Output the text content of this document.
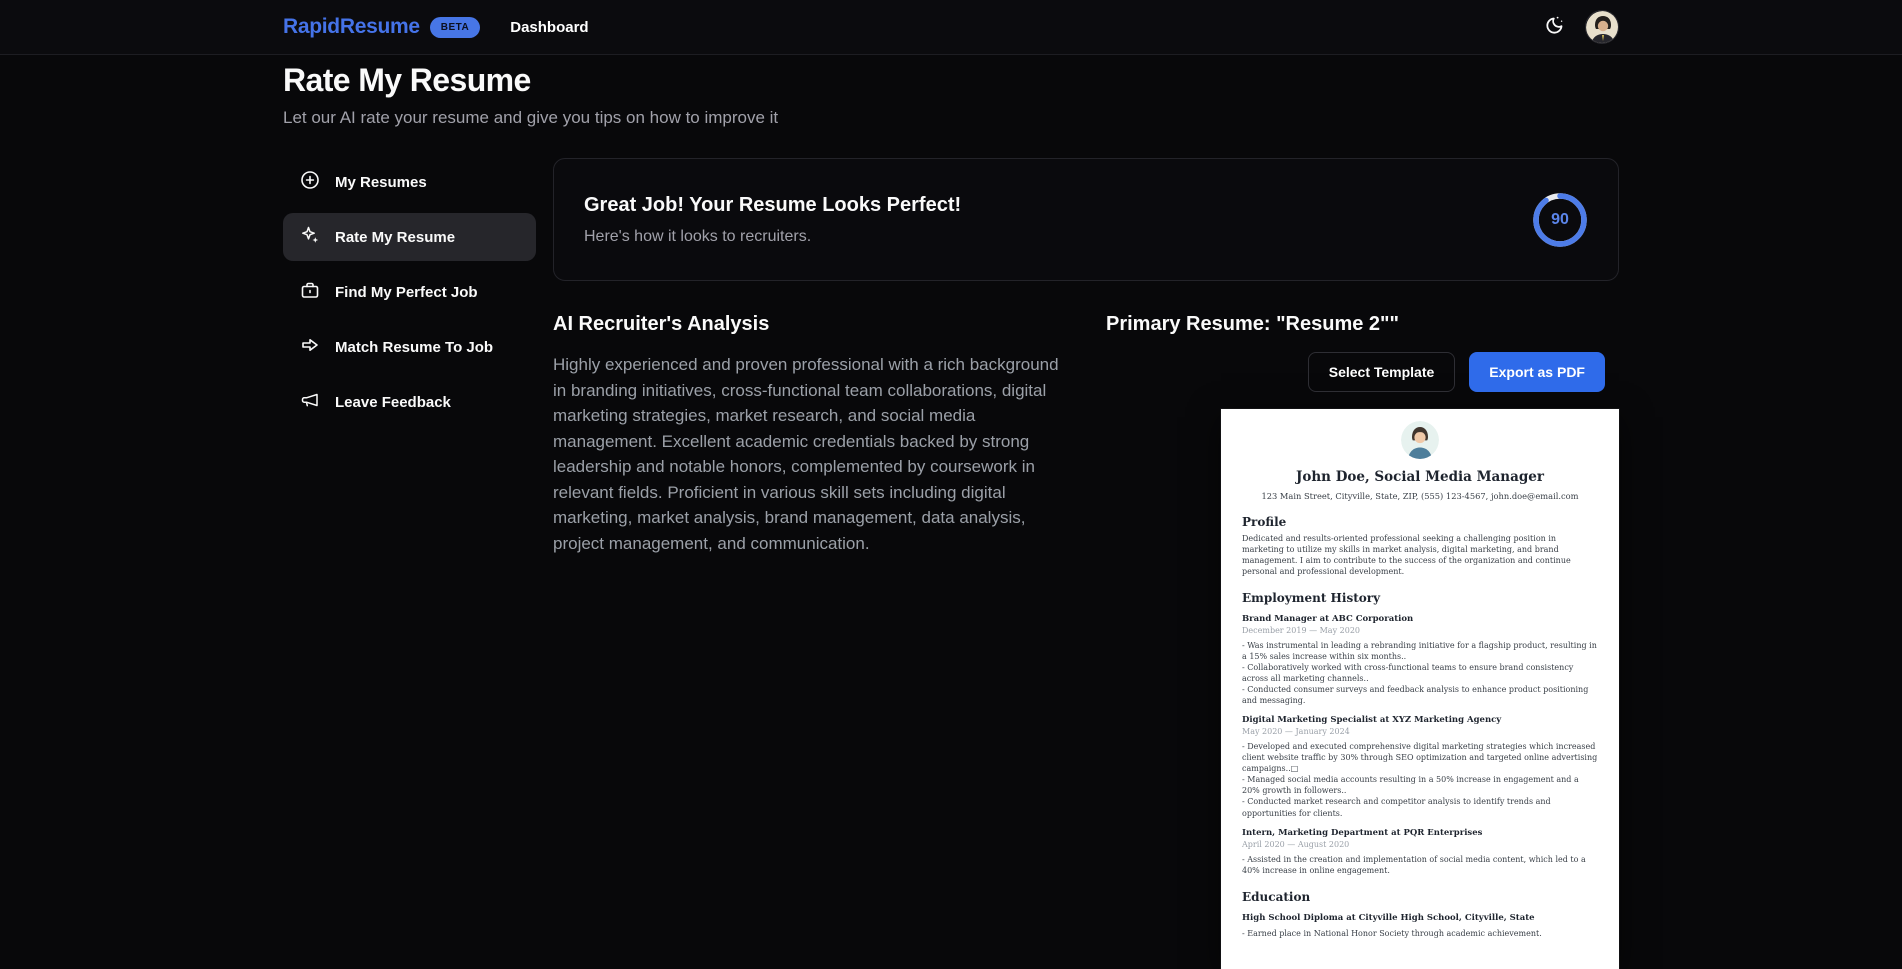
RapidResume	BETA	Dashboard
Rate My Resume
Let our AI rate your resume and give you tips on how to improve it
My Resumes
Rate My Resume
Find My Perfect Job
Match Resume To Job
Leave Feedback
Great Job! Your Resume Looks Perfect!
Here's how it looks to recruiters.
90
AI Recruiter's Analysis

Highly experienced and proven professional with a rich background in branding initiatives, cross-functional team collaborations, digital marketing strategies, market research, and social media management. Excellent academic credentials backed by strong leadership and notable honors, complemented by coursework in relevant fields. Proficient in various skill sets including digital marketing, market analysis, brand management, data analysis, project management, and communication.

Primary Resume: "Resume 2""
Select Template	Export as PDF
John Doe, Social Media Manager
123 Main Street, Cityville, State, ZIP, (555) 123-4567, john.doe@email.com
Profile
Dedicated and results-oriented professional seeking a challenging position in marketing to utilize my skills in market analysis, digital marketing, and brand management. I aim to contribute to the success of the organization and continue personal and professional development.
Employment History
Brand Manager at ABC Corporation
December 2019 — May 2020
- Was instrumental in leading a rebranding initiative for a flagship product, resulting in a 15% sales increase within six months..
- Collaboratively worked with cross-functional teams to ensure brand consistency across all marketing channels..
- Conducted consumer surveys and feedback analysis to enhance product positioning and messaging.
Digital Marketing Specialist at XYZ Marketing Agency
May 2020 — January 2024
- Developed and executed comprehensive digital marketing strategies which increased client website traffic by 30% through SEO optimization and targeted online advertising campaigns..□
- Managed social media accounts resulting in a 50% increase in engagement and a 20% growth in followers..
- Conducted market research and competitor analysis to identify trends and opportunities for clients.
Intern, Marketing Department at PQR Enterprises
April 2020 — August 2020
- Assisted in the creation and implementation of social media content, which led to a 40% increase in online engagement.
Education
High School Diploma at Cityville High School, Cityville, State
- Earned place in National Honor Society through academic achievement.
